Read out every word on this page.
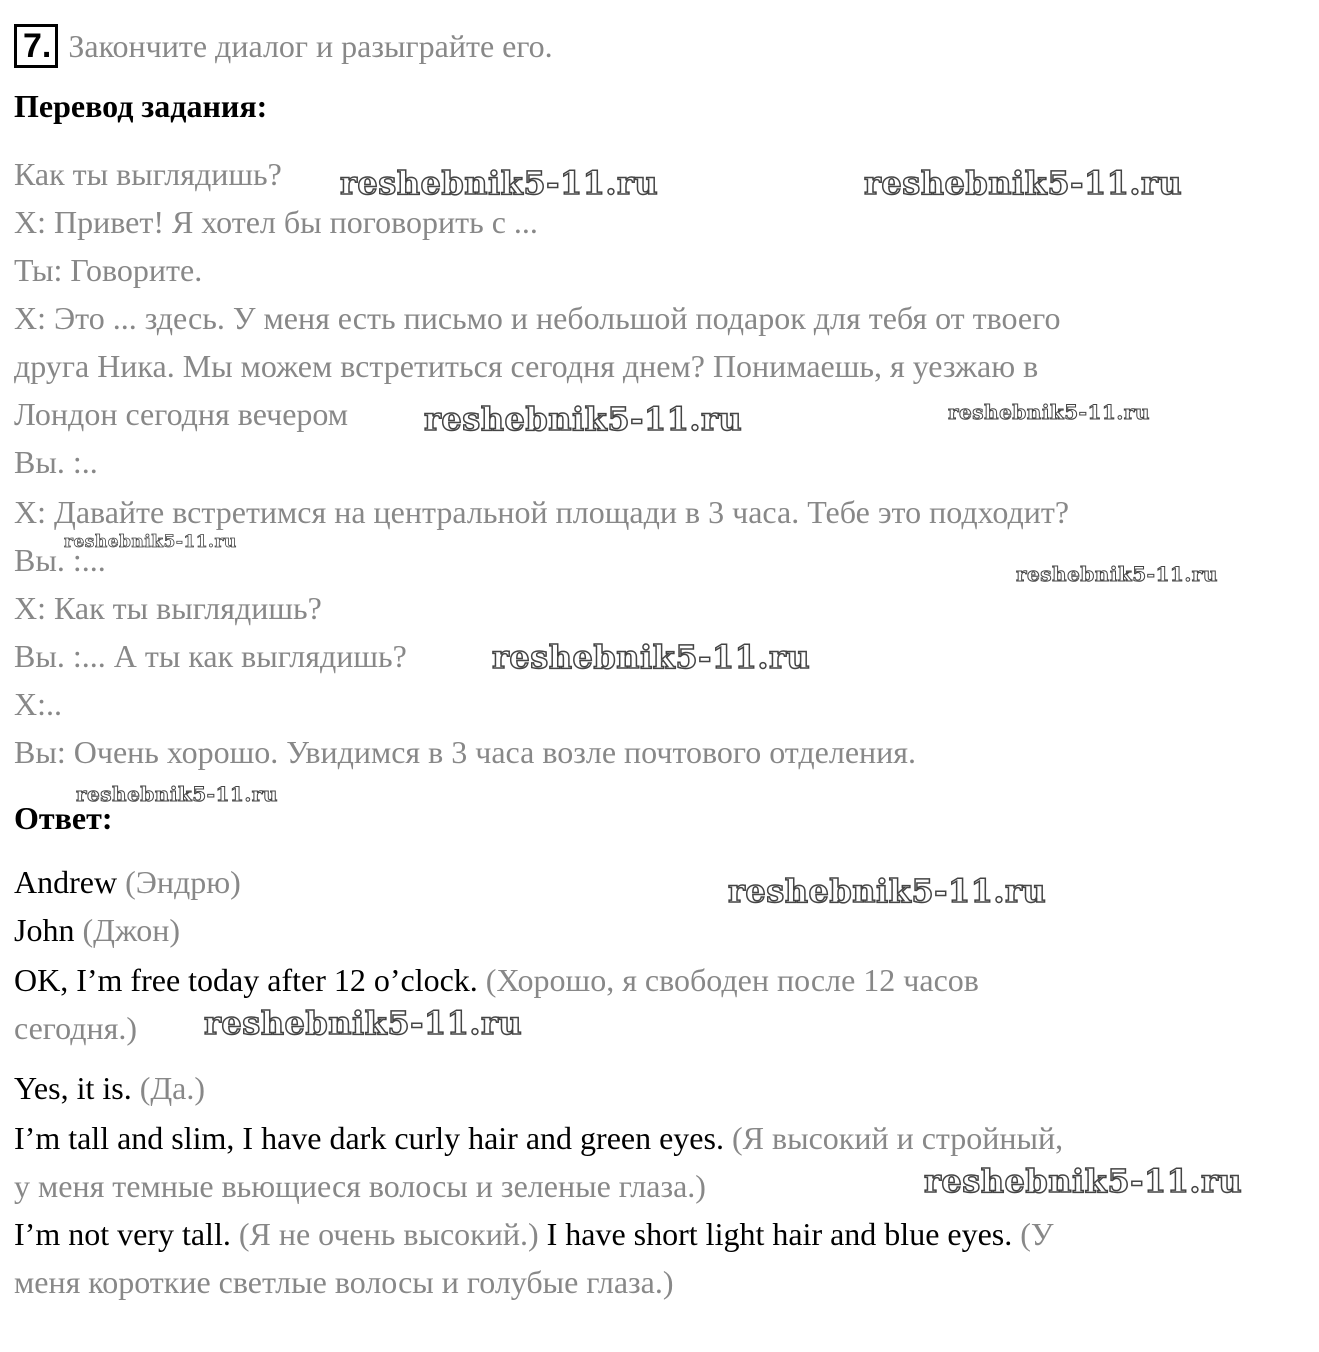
7. Закончите диалог и разыграйте его.
Перевод задания:
Как ты выглядишь?
X: Привет! Я хотел бы поговорить с ...
Ты: Говорите.
X: Это ... здесь. У меня есть письмо и небольшой подарок для тебя от твоего
друга Ника. Мы можем встретиться сегодня днем? Понимаешь, я уезжаю в
Лондон сегодня вечером
Вы. :..
X: Давайте встретимся на центральной площади в 3 часа. Тебе это подходит?
Вы. :...
X: Как ты выглядишь?
Вы. :... А ты как выглядишь?
X:..
Вы: Очень хорошо. Увидимся в 3 часа возле почтового отделения.
Ответ:
Andrew (Эндрю)
John (Джон)
OK, I’m free today after 12 o’clock. (Хорошо, я свободен после 12 часов
сегодня.)
Yes, it is. (Да.)
I’m tall and slim, I have dark curly hair and green eyes. (Я высокий и стройный,
у меня темные вьющиеся волосы и зеленые глаза.)
I’m not very tall. (Я не очень высокий.) I have short light hair and blue eyes. (У
меня короткие светлые волосы и голубые глаза.)
reshebnik5-11.ru	reshebnik5-11.ru
reshebnik5-11.ru	reshebnik5-11.ru
reshebnik5-11.ru
reshebnik5-11.ru
reshebnik5-11.ru
reshebnik5-11.ru
reshebnik5-11.ru
reshebnik5-11.ru
reshebnik5-11.ru
